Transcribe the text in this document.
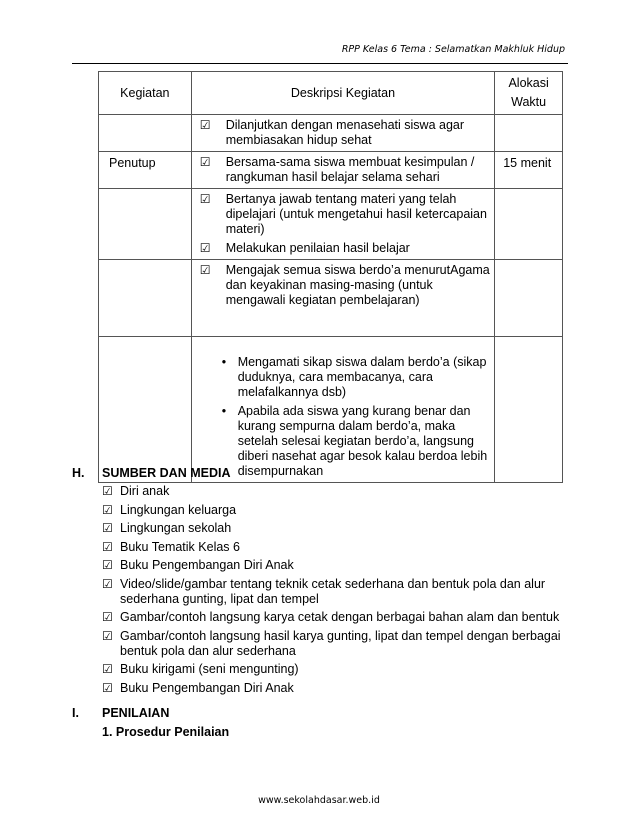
RPP Kelas 6 Tema : Selamatkan Makhluk Hidup
Kegiatan	Deskripsi Kegiatan	Alokasi Waktu

	☑ Dilanjutkan dengan menasehati siswa agar membiasakan hidup sehat	

Penutup	☑ Bersama-sama siswa membuat kesimpulan / rangkuman hasil belajar selama sehari	15 menit

	☑ Bertanya jawab tentang materi yang telah dipelajari (untuk mengetahui hasil ketercapaian materi)
☑ Melakukan penilaian hasil belajar	

	☑ Mengajak semua siswa berdo’a menurutAgama dan keyakinan masing-masing (untuk mengawali kegiatan pembelajaran)	

	• Mengamati sikap siswa dalam berdo’a (sikap duduknya, cara membacanya, cara melafalkannya dsb)
• Apabila ada siswa yang kurang benar dan kurang sempurna dalam berdo’a, maka setelah selesai kegiatan berdo’a, langsung diberi nasehat agar besok kalau berdoa lebih disempurnakan	

H. SUMBER DAN MEDIA
☑ Diri anak
☑ Lingkungan keluarga
☑ Lingkungan sekolah
☑ Buku Tematik Kelas 6
☑ Buku Pengembangan Diri Anak
☑ Video/slide/gambar tentang teknik cetak sederhana dan bentuk pola dan alur sederhana gunting, lipat dan tempel
☑ Gambar/contoh langsung karya cetak dengan berbagai bahan alam dan bentuk
☑ Gambar/contoh langsung hasil karya gunting, lipat dan tempel dengan berbagai bentuk pola dan alur sederhana
☑ Buku kirigami (seni mengunting)
☑ Buku Pengembangan Diri Anak
I. PENILAIAN
1. Prosedur Penilaian
www.sekolahdasar.web.id
